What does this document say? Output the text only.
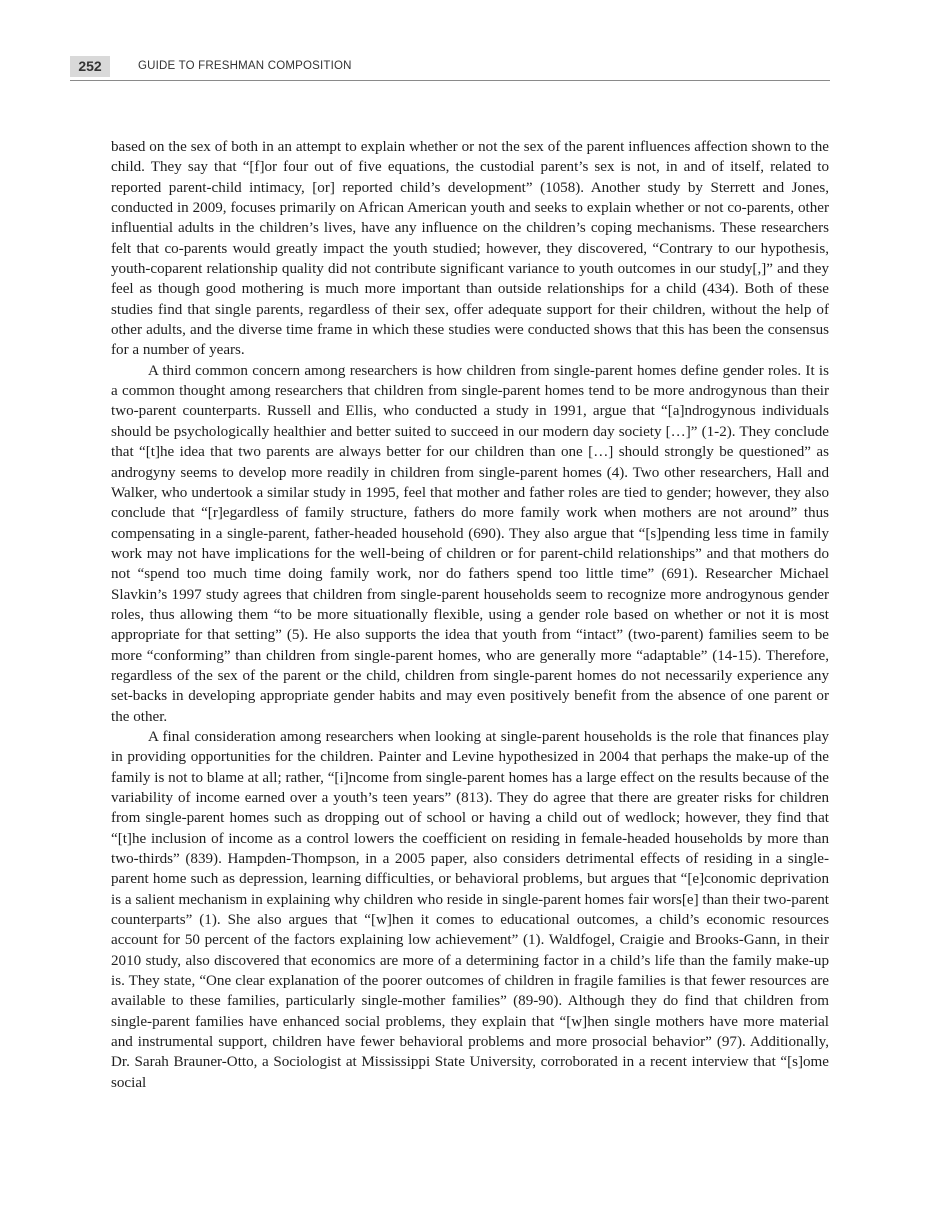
252	GUIDE TO FRESHMAN COMPOSITION

based on the sex of both in an attempt to explain whether or not the sex of the parent influences affection shown to the child. They say that “[f]or four out of five equations, the custodial parent’s sex is not, in and of itself, related to reported parent-child intimacy, [or] reported child’s development” (1058). Another study by Sterrett and Jones, conducted in 2009, focuses primarily on African American youth and seeks to explain whether or not co-parents, other influential adults in the children’s lives, have any influence on the children’s coping mechanisms. These researchers felt that co-parents would greatly impact the youth studied; however, they discovered, “Contrary to our hypothesis, youth-coparent relationship quality did not contribute significant variance to youth outcomes in our study[,]” and they feel as though good mothering is much more important than outside relationships for a child (434). Both of these studies find that single parents, regardless of their sex, offer adequate support for their children, without the help of other adults, and the diverse time frame in which these studies were conducted shows that this has been the consensus for a number of years.

A third common concern among researchers is how children from single-parent homes define gender roles. It is a common thought among researchers that children from single-parent homes tend to be more androgynous than their two-parent counterparts. Russell and Ellis, who conducted a study in 1991, argue that “[a]ndrogynous individuals should be psychologically healthier and better suited to succeed in our modern day society […]” (1-2). They conclude that “[t]he idea that two parents are always better for our children than one […] should strongly be questioned” as androgyny seems to develop more readily in children from single-parent homes (4). Two other researchers, Hall and Walker, who undertook a similar study in 1995, feel that mother and father roles are tied to gender; however, they also conclude that “[r]egardless of family structure, fathers do more family work when mothers are not around” thus compensating in a single-parent, father-headed household (690). They also argue that “[s]pending less time in family work may not have implications for the well-being of children or for parent-child relationships” and that mothers do not “spend too much time doing family work, nor do fathers spend too little time” (691). Researcher Michael Slavkin’s 1997 study agrees that children from single-parent households seem to recognize more androgynous gender roles, thus allowing them “to be more situationally flexible, using a gender role based on whether or not it is most appropriate for that setting” (5). He also supports the idea that youth from “intact” (two-parent) families seem to be more “conforming” than children from single-parent homes, who are generally more “adaptable” (14-15). Therefore, regardless of the sex of the parent or the child, children from single-parent homes do not necessarily experience any set-backs in developing appropriate gender habits and may even positively benefit from the absence of one parent or the other.

A final consideration among researchers when looking at single-parent households is the role that finances play in providing opportunities for the children. Painter and Levine hypothesized in 2004 that perhaps the make-up of the family is not to blame at all; rather, “[i]ncome from single-parent homes has a large effect on the results because of the variability of income earned over a youth’s teen years” (813). They do agree that there are greater risks for children from single-parent homes such as dropping out of school or having a child out of wedlock; however, they find that “[t]he inclusion of income as a control lowers the coefficient on residing in female-headed households by more than two-thirds” (839). Hampden-Thompson, in a 2005 paper, also considers detrimental effects of residing in a single-parent home such as depression, learning difficulties, or behavioral problems, but argues that “[e]conomic deprivation is a salient mechanism in explaining why children who reside in single-parent homes fair wors[e] than their two-parent counterparts” (1). She also argues that “[w]hen it comes to educational outcomes, a child’s economic resources account for 50 percent of the factors explaining low achievement” (1). Waldfogel, Craigie and Brooks-Gann, in their 2010 study, also discovered that economics are more of a determining factor in a child’s life than the family make-up is. They state, “One clear explanation of the poorer outcomes of children in fragile families is that fewer resources are available to these families, particularly single-mother families” (89-90). Although they do find that children from single-parent families have enhanced social problems, they explain that “[w]hen single mothers have more material and instrumental support, children have fewer behavioral problems and more prosocial behavior” (97). Additionally, Dr. Sarah Brauner-Otto, a Sociologist at Mississippi State University, corroborated in a recent interview that “[s]ome social
